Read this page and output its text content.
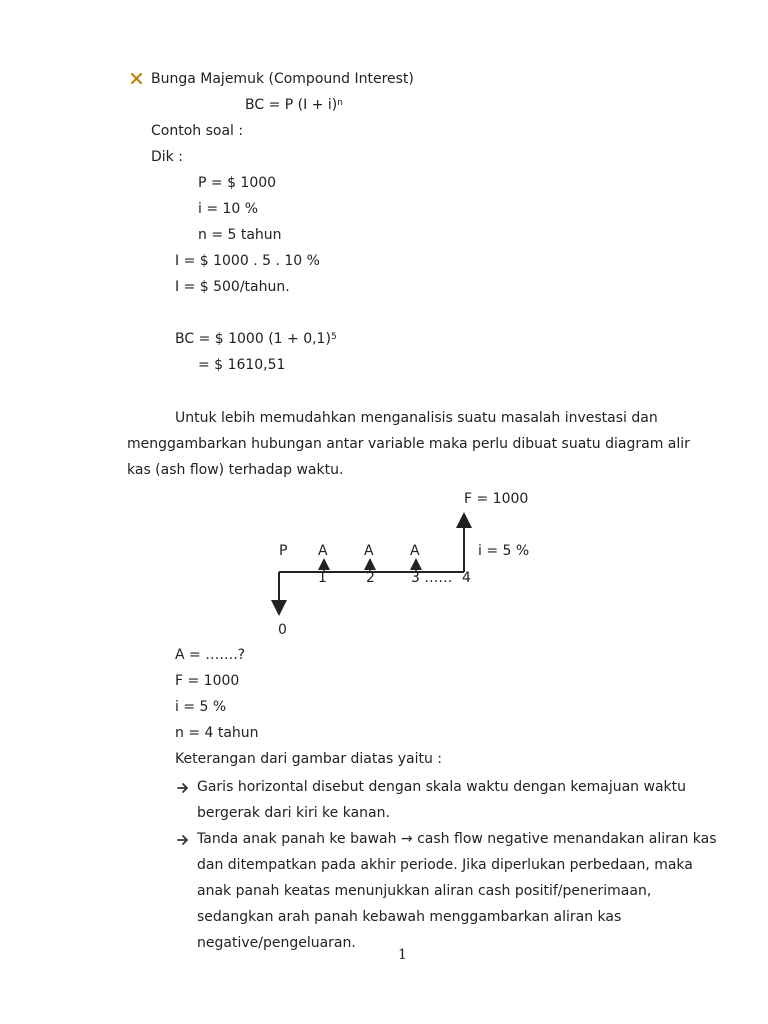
Bunga Majemuk (Compound Interest)
BC = P $(I + i)^n$
Contoh soal :
Dik :
P = $ 1000
i = 10 %
n = 5 tahun
I = $ 1000 . 5 . 10 %
I = $ 500/tahun.
BC = $ 1000 $(1 + 0,1)^5$
= $ 1610,51
Untuk lebih memudahkan menganalisis suatu masalah investasi dan menggambarkan hubungan antar variable maka perlu dibuat suatu diagram alir kas (ash flow) terhadap waktu.
F = 1000
P A	A	A	i = 5 %
1	2	3 …… 4
0
A = …….?
F = 1000
i = 5 %
n = 4 tahun
Keterangan dari gambar diatas yaitu :
Garis horizontal disebut dengan skala waktu dengan kemajuan waktu bergerak dari kiri ke kanan.
Tanda anak panah ke bawah → cash flow negative menandakan aliran kas dan ditempatkan pada akhir periode. Jika diperlukan perbedaan, maka anak panah keatas menunjukkan aliran cash positif/penerimaan, sedangkan arah panah kebawah menggambarkan aliran kas negative/pengeluaran.
1
